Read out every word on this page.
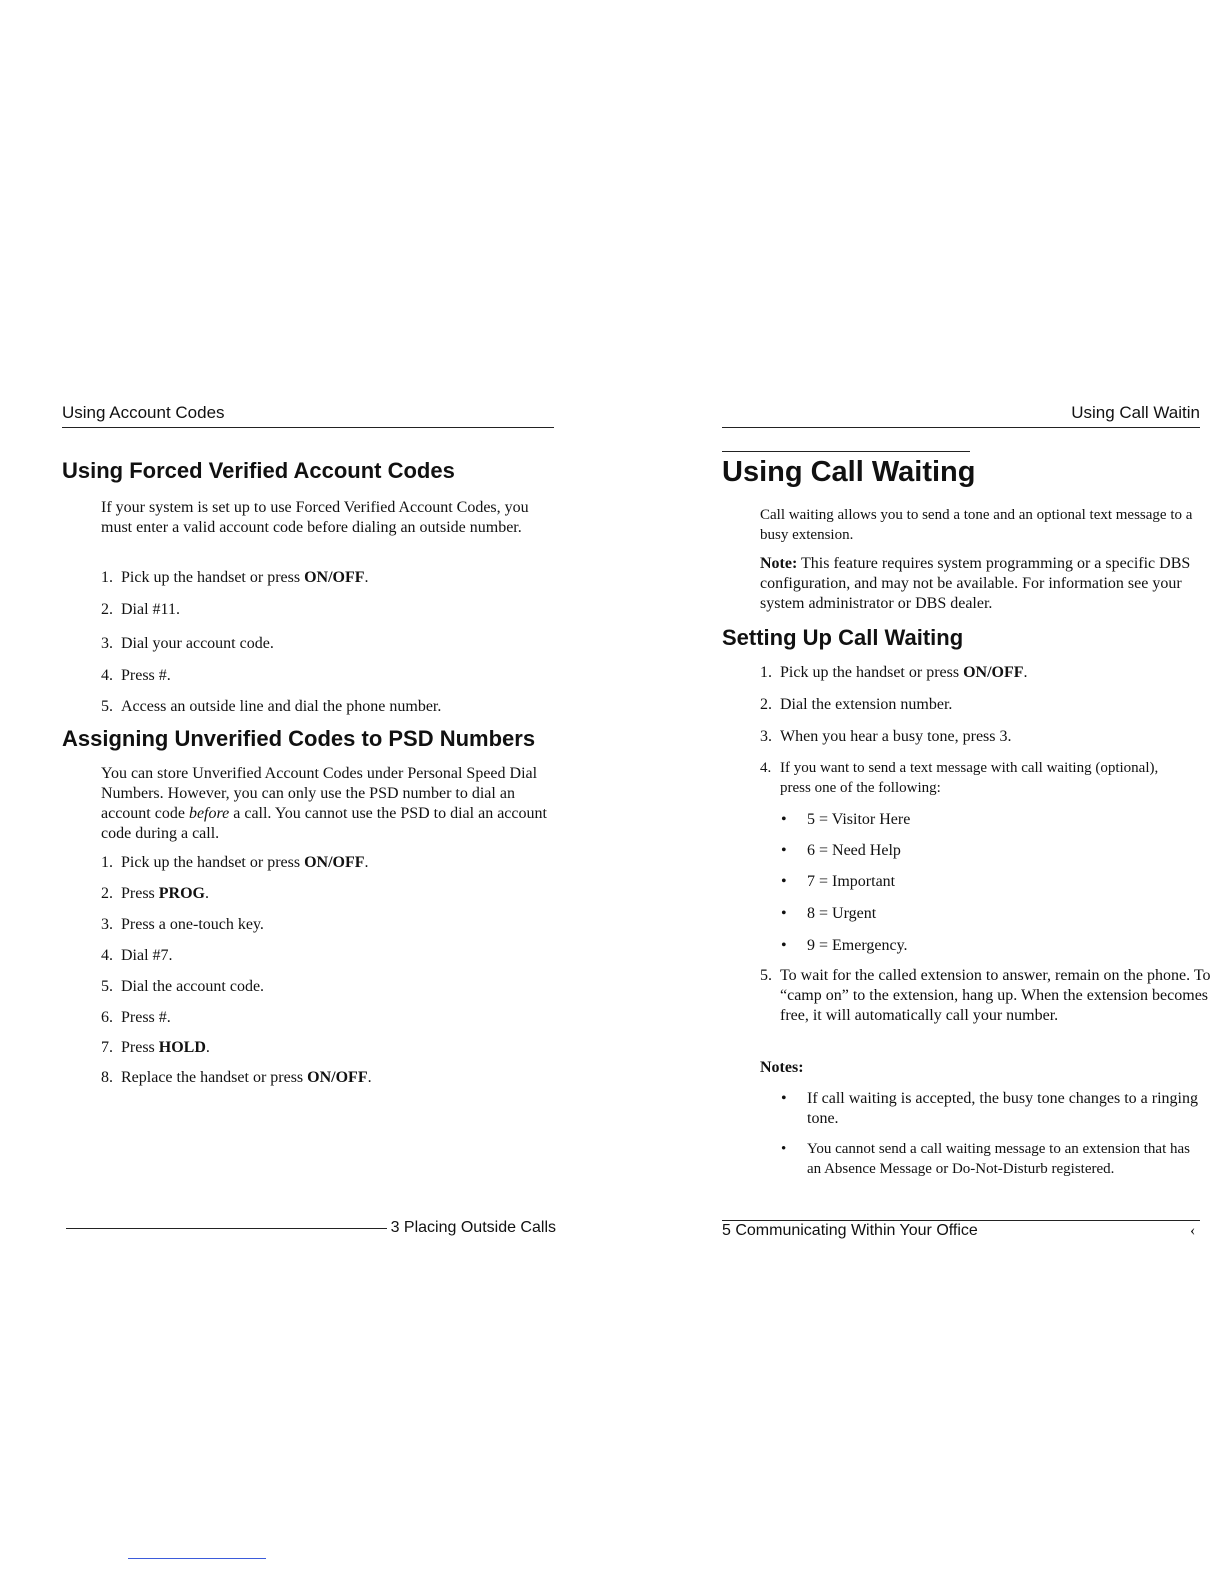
Using Account Codes
Using Forced Verified Account Codes
If your system is set up to use Forced Verified Account Codes, you must enter a valid account code before dialing an outside number.
1. Pick up the handset or press ON/OFF.
2. Dial #11.
3. Dial your account code.
4. Press #.
5. Access an outside line and dial the phone number.
Assigning Unverified Codes to PSD Numbers
You can store Unverified Account Codes under Personal Speed Dial Numbers. However, you can only use the PSD number to dial an account code before a call. You cannot use the PSD to dial an account code during a call.
1. Pick up the handset or press ON/OFF.
2. Press PROG.
3. Press a one-touch key.
4. Dial #7.
5. Dial the account code.
6. Press #.
7. Press HOLD.
8. Replace the handset or press ON/OFF.
3 Placing Outside Calls
Using Call Waitin
Using Call Waiting
Call waiting allows you to send a tone and an optional text message to a busy extension.
Note: This feature requires system programming or a specific DBS configuration, and may not be available. For information see your system administrator or DBS dealer.
Setting Up Call Waiting
1. Pick up the handset or press ON/OFF.
2. Dial the extension number.
3. When you hear a busy tone, press 3.
4. If you want to send a text message with call waiting (optional), press one of the following:
• 5 = Visitor Here
• 6 = Need Help
• 7 = Important
• 8 = Urgent
• 9 = Emergency.
5. To wait for the called extension to answer, remain on the phone. To “camp on” to the extension, hang up. When the extension becomes free, it will automatically call your number.
Notes:
• If call waiting is accepted, the busy tone changes to a ringing tone.
• You cannot send a call waiting message to an extension that has an Absence Message or Do-Not-Disturb registered.
5 Communicating Within Your Office	‹
